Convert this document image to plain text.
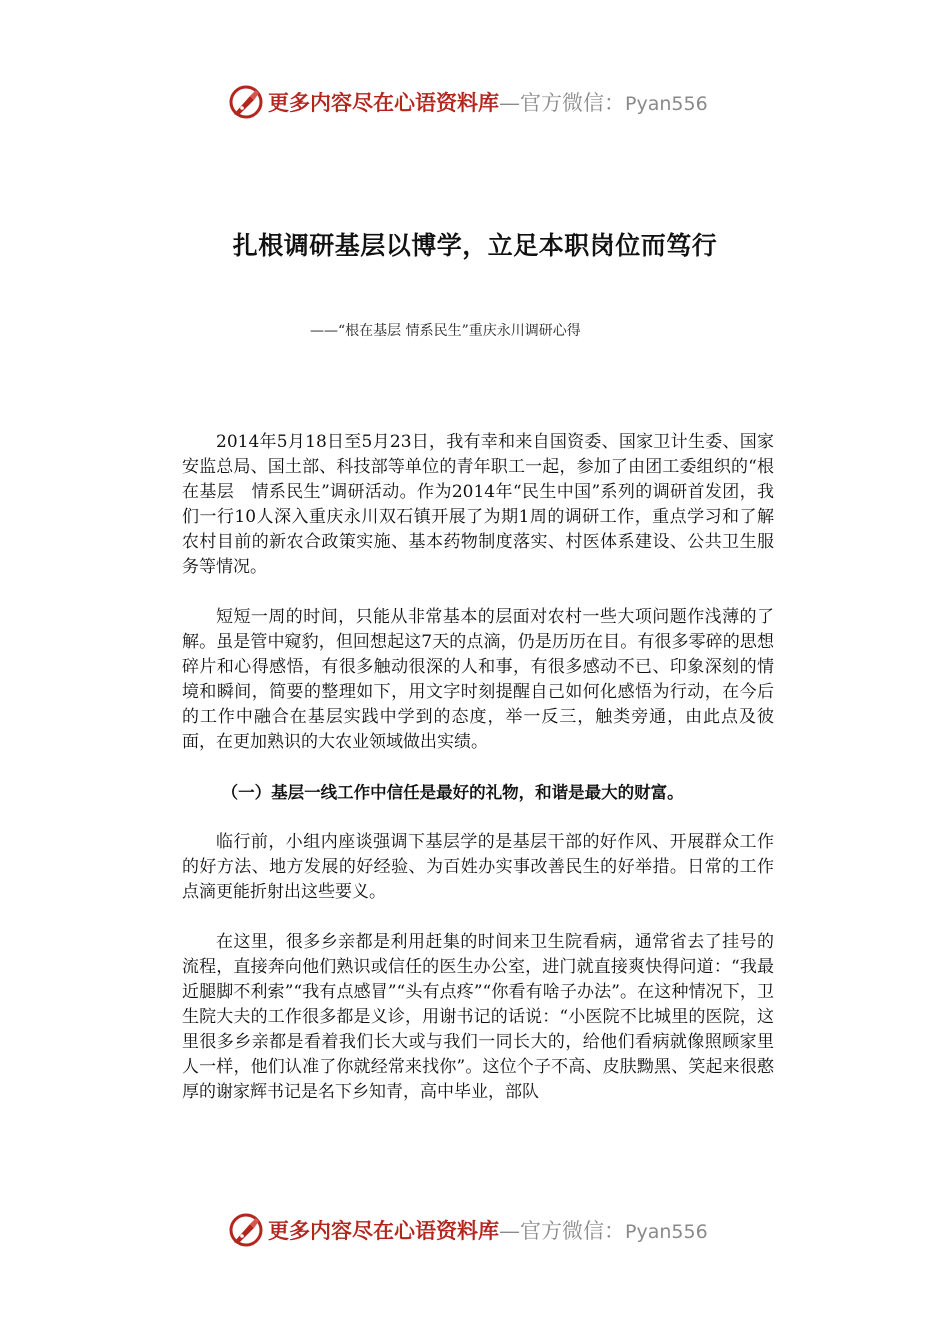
更多内容尽在心语资料库—官方微信：Pyan556
扎根调研基层以博学，立足本职岗位而笃行
——“根在基层 情系民生”重庆永川调研心得

2014年5月18日至5月23日，我有幸和来自国资委、国家卫计生委、国家安监总局、国土部、科技部等单位的青年职工一起，参加了由团工委组织的“根在基层　情系民生”调研活动。作为2014年“民生中国”系列的调研首发团，我们一行10人深入重庆永川双石镇开展了为期1周的调研工作，重点学习和了解农村目前的新农合政策实施、基本药物制度落实、村医体系建设、公共卫生服务等情况。

短短一周的时间，只能从非常基本的层面对农村一些大项问题作浅薄的了解。虽是管中窥豹，但回想起这7天的点滴，仍是历历在目。有很多零碎的思想碎片和心得感悟，有很多触动很深的人和事，有很多感动不已、印象深刻的情境和瞬间，简要的整理如下，用文字时刻提醒自己如何化感悟为行动，在今后的工作中融合在基层实践中学到的态度，举一反三，触类旁通，由此点及彼面，在更加熟识的大农业领域做出实绩。

（一）基层一线工作中信任是最好的礼物，和谐是最大的财富。

临行前，小组内座谈强调下基层学的是基层干部的好作风、开展群众工作的好方法、地方发展的好经验、为百姓办实事改善民生的好举措。日常的工作点滴更能折射出这些要义。

在这里，很多乡亲都是利用赶集的时间来卫生院看病，通常省去了挂号的流程，直接奔向他们熟识或信任的医生办公室，进门就直接爽快得问道：“我最近腿脚不利索”“我有点感冒”“头有点疼”“你看有啥子办法”。在这种情况下，卫生院大夫的工作很多都是义诊，用谢书记的话说：“小医院不比城里的医院，这里很多乡亲都是看着我们长大或与我们一同长大的，给他们看病就像照顾家里人一样，他们认准了你就经常来找你”。这位个子不高、皮肤黝黑、笑起来很憨厚的谢家辉书记是名下乡知青，高中毕业，部队

更多内容尽在心语资料库—官方微信：Pyan556
